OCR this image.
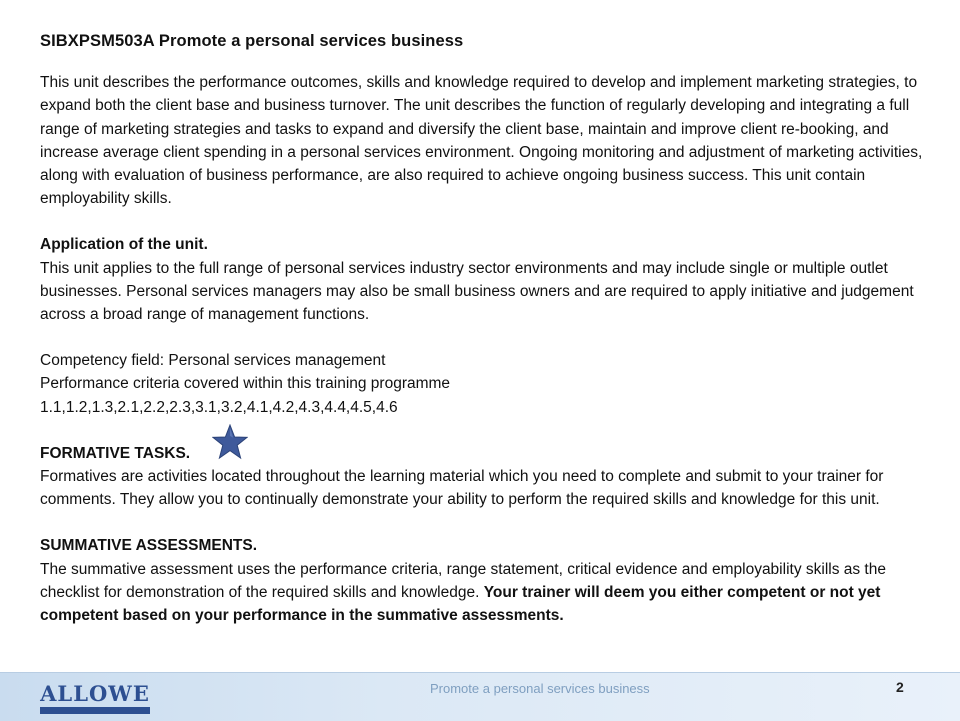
SIBXPSM503A Promote a personal services business

This unit describes the performance outcomes, skills and knowledge required to develop and implement marketing strategies, to expand both the client base and business turnover. The unit describes the function of regularly developing and integrating a full range of marketing strategies and tasks to expand and diversify the client base, maintain and improve client re-booking, and increase average client spending in a personal services environment. Ongoing monitoring and adjustment of marketing activities, along with evaluation of business performance, are also required to achieve ongoing business success. This unit contain employability skills.

Application of the unit.

This unit applies to the full range of personal services industry sector environments and may include single or multiple outlet businesses. Personal services managers may also be small business owners and are required to apply initiative and judgement across a broad range of management functions.

Competency field: Personal services management

Performance criteria covered within this training programme

1.1,1.2,1.3,2.1,2.2,2.3,3.1,3.2,4.1,4.2,4.3,4.4,4.5,4.6

FORMATIVE TASKS.

Formatives are activities located throughout the learning material which you need to complete and submit to your trainer for comments. They allow you to continually demonstrate your ability to perform the required skills and knowledge for this unit.

SUMMATIVE ASSESSMENTS.

The summative assessment uses the performance criteria, range statement, critical evidence and employability skills as the checklist for demonstration of the required skills and knowledge. Your trainer will deem you either competent or not yet competent based on your performance in the summative assessments.

ALLOWE	Promote a personal services business	2
